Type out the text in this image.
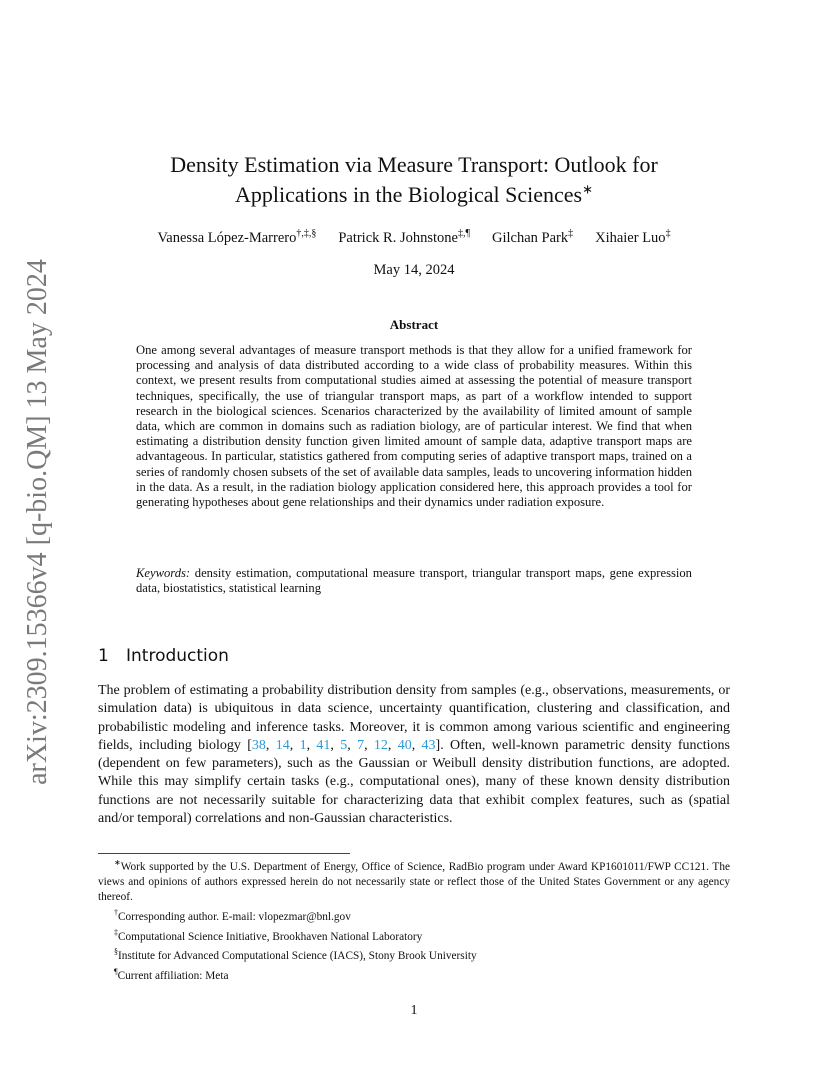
arXiv:2309.15366v4 [q-bio.QM] 13 May 2024
Density Estimation via Measure Transport: Outlook for
Applications in the Biological Sciences∗
Vanessa López-Marrero†,‡,§ Patrick R. Johnstone‡,¶ Gilchan Park‡ Xihaier Luo‡
May 14, 2024
Abstract

One among several advantages of measure transport methods is that they allow for a unified framework for processing and analysis of data distributed according to a wide class of probability measures. Within this context, we present results from computational studies aimed at assessing the potential of measure transport techniques, specifically, the use of triangular transport maps, as part of a workflow intended to support research in the biological sciences. Scenarios characterized by the availability of limited amount of sample data, which are common in domains such as radiation biology, are of particular interest. We find that when estimating a distribution density function given limited amount of sample data, adaptive transport maps are advantageous. In particular, statistics gathered from computing series of adaptive transport maps, trained on a series of randomly chosen subsets of the set of available data samples, leads to uncovering information hidden in the data. As a result, in the radiation biology application considered here, this approach provides a tool for generating hypotheses about gene relationships and their dynamics under radiation exposure.

Keywords: density estimation, computational measure transport, triangular transport maps, gene expression data, biostatistics, statistical learning

1 Introduction

The problem of estimating a probability distribution density from samples (e.g., observations, measurements, or simulation data) is ubiquitous in data science, uncertainty quantification, clustering and classification, and probabilistic modeling and inference tasks. Moreover, it is common among various scientific and engineering fields, including biology [38, 14, 1, 41, 5, 7, 12, 40, 43]. Often, well-known parametric density functions (dependent on few parameters), such as the Gaussian or Weibull density distribution functions, are adopted. While this may simplify certain tasks (e.g., computational ones), many of these known density distribution functions are not necessarily suitable for characterizing data that exhibit complex features, such as (spatial and/or temporal) correlations and non-Gaussian characteristics.

∗Work supported by the U.S. Department of Energy, Office of Science, RadBio program under Award KP1601011/FWP CC121. The views and opinions of authors expressed herein do not necessarily state or reflect those of the United States Government or any agency thereof.

†Corresponding author. E-mail: vlopezmar@bnl.gov

‡Computational Science Initiative, Brookhaven National Laboratory

§Institute for Advanced Computational Science (IACS), Stony Brook University

¶Current affiliation: Meta

1
